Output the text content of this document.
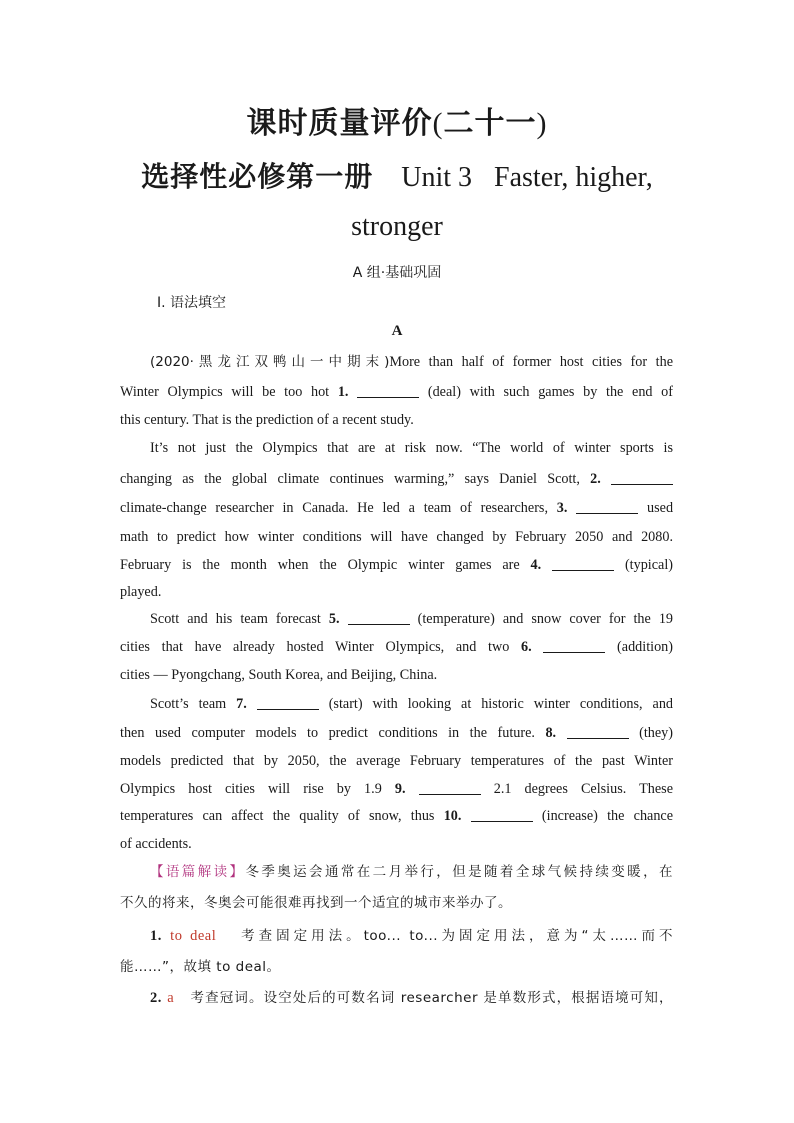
课时质量评价(二十一)
选择性必修第一册 Unit 3 Faster, higher,
stronger
A 组·基础巩固
Ⅰ. 语法填空
A
(2020·黑龙江双鸭山一中期末)More than half of former host cities for the
Winter Olympics will be too hot 1.	(deal) with such games by the end of
this century. That is the prediction of a recent study.
It’s not just the Olympics that are at risk now. “The world of winter sports is
changing as the global climate continues warming,” says Daniel Scott, 2.
climate-change researcher in Canada. He led a team of researchers, 3.	used
math to predict how winter conditions will have changed by February 2050 and 2080.
February is the month when the Olympic winter games are 4.	(typical)
played.
Scott and his team forecast 5.	(temperature) and snow cover for the 19
cities that have already hosted Winter Olympics, and two 6.	(addition)
cities — Pyongchang, South Korea, and Beijing, China.
Scott’s team 7.	(start) with looking at historic winter conditions, and
then used computer models to predict conditions in the future. 8.	(they)
models predicted that by 2050, the average February temperatures of the past Winter
Olympics host cities will rise by 1.9 9.	2.1 degrees Celsius. These
temperatures can affect the quality of snow, thus 10.	(increase) the chance
of accidents.
【语篇解读】冬季奥运会通常在二月举行，但是随着全球气候持续变暖，在
不久的将来，冬奥会可能很难再找到一个适宜的城市来举办了。
1. to deal 考查固定用法。too... to...为固定用法，意为“太……而不
能……”，故填 to deal。
2. a 考查冠词。设空处后的可数名词 researcher 是单数形式，根据语境可知，
